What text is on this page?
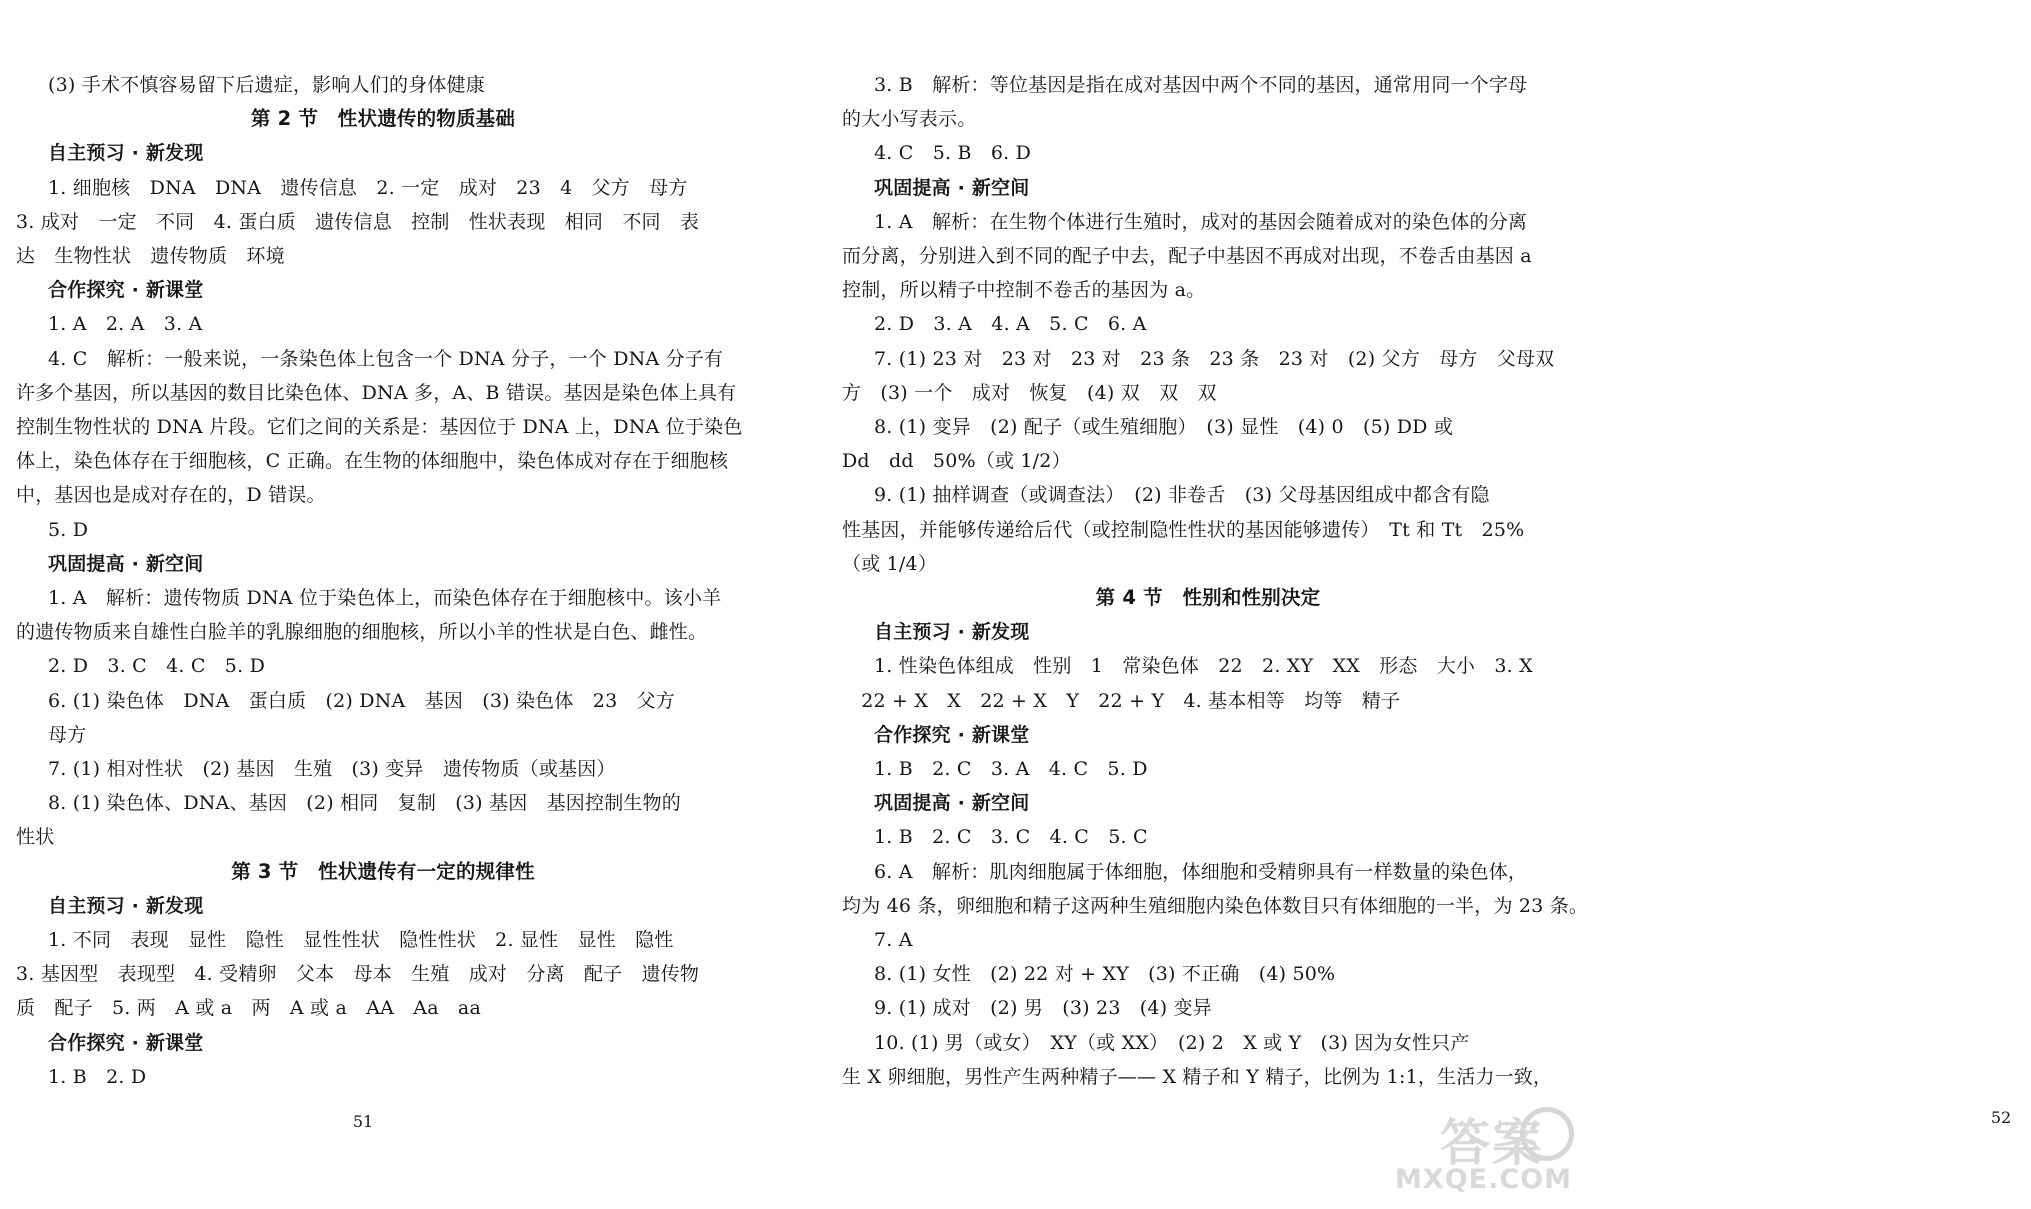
(3) 手术不慎容易留下后遗症，影响人们的身体健康
第 2 节　性状遗传的物质基础
自主预习 · 新发现
1. 细胞核　DNA　DNA　遗传信息　2. 一定　成对　23　4　父方　母方
3. 成对　一定　不同　4. 蛋白质　遗传信息　控制　性状表现　相同　不同　表
达　生物性状　遗传物质　环境
合作探究 · 新课堂
1. A　2. A　3. A
4. C　解析：一般来说，一条染色体上包含一个 DNA 分子，一个 DNA 分子有
许多个基因，所以基因的数目比染色体、DNA 多，A、B 错误。基因是染色体上具有
控制生物性状的 DNA 片段。它们之间的关系是：基因位于 DNA 上，DNA 位于染色
体上，染色体存在于细胞核，C 正确。在生物的体细胞中，染色体成对存在于细胞核
中，基因也是成对存在的，D 错误。
5. D
巩固提高 · 新空间
1. A　解析：遗传物质 DNA 位于染色体上，而染色体存在于细胞核中。该小羊
的遗传物质来自雄性白脸羊的乳腺细胞的细胞核，所以小羊的性状是白色、雌性。
2. D　3. C　4. C　5. D
6. (1) 染色体　DNA　蛋白质　(2) DNA　基因　(3) 染色体　23　父方
母方
7. (1) 相对性状　(2) 基因　生殖　(3) 变异　遗传物质（或基因）
8. (1) 染色体、DNA、基因　(2) 相同　复制　(3) 基因　基因控制生物的
性状
第 3 节　性状遗传有一定的规律性
自主预习 · 新发现
1. 不同　表现　显性　隐性　显性性状　隐性性状　2. 显性　显性　隐性
3. 基因型　表现型　4. 受精卵　父本　母本　生殖　成对　分离　配子　遗传物
质　配子　5. 两　A 或 a　两　A 或 a　AA　Aa　aa
合作探究 · 新课堂
1. B　2. D
51
3. B　解析：等位基因是指在成对基因中两个不同的基因，通常用同一个字母
的大小写表示。
4. C　5. B　6. D
巩固提高 · 新空间
1. A　解析：在生物个体进行生殖时，成对的基因会随着成对的染色体的分离
而分离，分别进入到不同的配子中去，配子中基因不再成对出现，不卷舌由基因 a
控制，所以精子中控制不卷舌的基因为 a。
2. D　3. A　4. A　5. C　6. A
7. (1) 23 对　23 对　23 对　23 条　23 条　23 对　(2) 父方　母方　父母双
方　(3) 一个　成对　恢复　(4) 双　双　双
8. (1) 变异　(2) 配子（或生殖细胞）　(3) 显性　(4) 0　(5) DD 或
Dd　dd　50%（或 1/2）
9. (1) 抽样调查（或调查法）　(2) 非卷舌　(3) 父母基因组成中都含有隐
性基因，并能够传递给后代（或控制隐性性状的基因能够遗传）　Tt 和 Tt　25%
（或 1/4）
第 4 节　性别和性别决定
自主预习 · 新发现
1. 性染色体组成　性别　1　常染色体　22　2. XY　XX　形态　大小　3. X
　22 + X　X　22 + X　Y　22 + Y　4. 基本相等　均等　精子
合作探究 · 新课堂
1. B　2. C　3. A　4. C　5. D
巩固提高 · 新空间
1. B　2. C　3. C　4. C　5. C
6. A　解析：肌肉细胞属于体细胞，体细胞和受精卵具有一样数量的染色体，
均为 46 条，卵细胞和精子这两种生殖细胞内染色体数目只有体细胞的一半，为 23 条。
7. A
8. (1) 女性　(2) 22 对 + XY　(3) 不正确　(4) 50%
9. (1) 成对　(2) 男　(3) 23　(4) 变异
10. (1) 男（或女）　XY（或 XX）　(2) 2　X 或 Y　(3) 因为女性只产
生 X 卵细胞，男性产生两种精子—— X 精子和 Y 精子，比例为 1:1，生活力一致，
52
答案
MXQE.COM
